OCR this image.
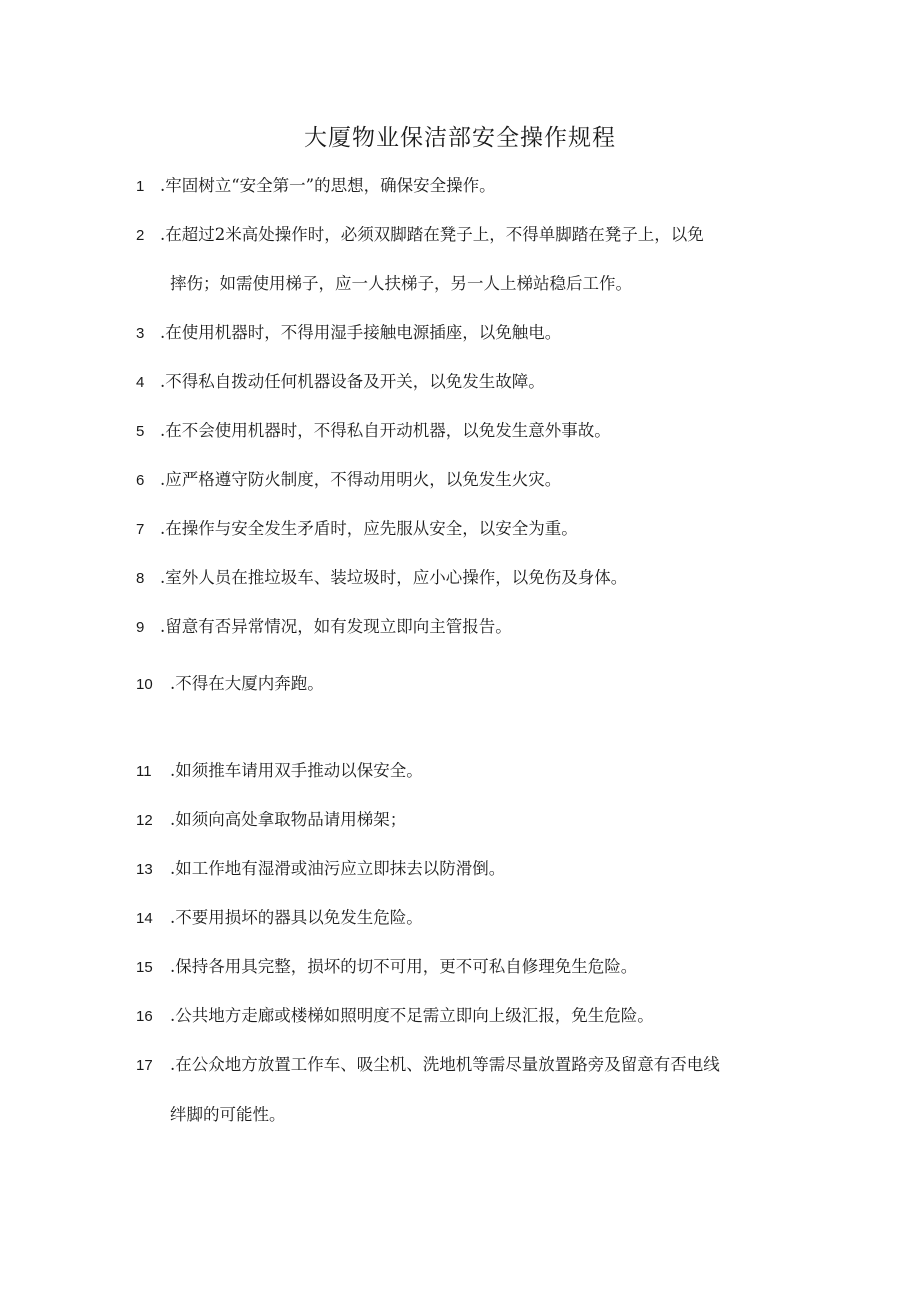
大厦物业保洁部安全操作规程
1 .牢固树立“安全第一”的思想，确保安全操作。
2 .在超过2米高处操作时，必须双脚踏在凳子上，不得单脚踏在凳子上，以免
摔伤；如需使用梯子，应一人扶梯子，另一人上梯站稳后工作。
3 .在使用机器时，不得用湿手接触电源插座，以免触电。
4 .不得私自拨动任何机器设备及开关，以免发生故障。
5 .在不会使用机器时，不得私自开动机器，以免发生意外事故。
6 .应严格遵守防火制度，不得动用明火，以免发生火灾。
7 .在操作与安全发生矛盾时，应先服从安全，以安全为重。
8 .室外人员在推垃圾车、装垃圾时，应小心操作，以免伤及身体。
9 .留意有否异常情况，如有发现立即向主管报告。
10 .不得在大厦内奔跑。
11 .如须推车请用双手推动以保安全。
12 .如须向高处拿取物品请用梯架；
13 .如工作地有湿滑或油污应立即抹去以防滑倒。
14 .不要用损坏的器具以免发生危险。
15 .保持各用具完整，损坏的切不可用，更不可私自修理免生危险。
16 .公共地方走廊或楼梯如照明度不足需立即向上级汇报，免生危险。
17 .在公众地方放置工作车、吸尘机、洗地机等需尽量放置路旁及留意有否电线
绊脚的可能性。
